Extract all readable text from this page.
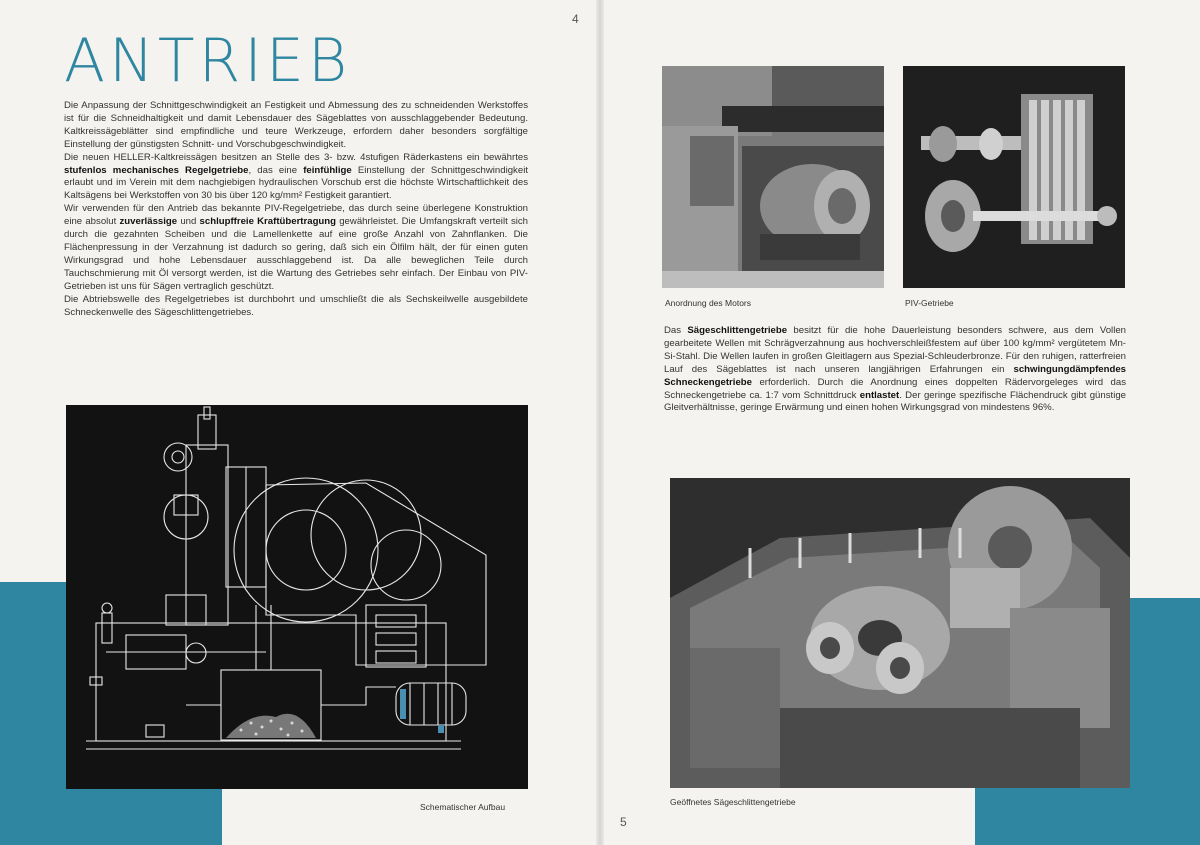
4
ANTRIEB

Die Anpassung der Schnittgeschwindigkeit an Festigkeit und Abmessung des zu schneidenden Werkstoffes ist für die Schneidhaltigkeit und damit Lebensdauer des Sägeblattes von ausschlaggebender Bedeutung. Kaltkreissägeblätter sind empfindliche und teure Werkzeuge, erfordern daher besonders sorgfältige Einstellung der günstigsten Schnitt- und Vorschubgeschwindigkeit.

Die neuen HELLER-Kaltkreissägen besitzen an Stelle des 3- bzw. 4stufigen Räderkastens ein bewährtes stufenlos mechanisches Regelgetriebe, das eine feinfühlige Einstellung der Schnittgeschwindigkeit erlaubt und im Verein mit dem nachgiebigen hydraulischen Vorschub erst die höchste Wirtschaftlichkeit des Kaltsägens bei Werkstoffen von 30 bis über 120 kg/mm² Festigkeit garantiert.

Wir verwenden für den Antrieb das bekannte PIV-Regelgetriebe, das durch seine überlegene Konstruktion eine absolut zuverlässige und schlupffreie Kraftübertragung gewährleistet. Die Umfangskraft verteilt sich durch die gezahnten Scheiben und die Lamellenkette auf eine große Anzahl von Zahnflanken. Die Flächenpressung in der Verzahnung ist dadurch so gering, daß sich ein Ölfilm hält, der für einen guten Wirkungsgrad und hohe Lebensdauer ausschlaggebend ist. Da alle beweglichen Teile durch Tauchschmierung mit Öl versorgt werden, ist die Wartung des Getriebes sehr einfach. Der Einbau von PIV-Getrieben ist uns für Sägen vertraglich geschützt.

Die Abtriebswelle des Regelgetriebes ist durchbohrt und umschließt die als Sechskeilwelle ausgebildete Schneckenwelle des Sägeschlittengetriebes.

Schematischer Aufbau
Anordnung des Motors	PIV-Getriebe

Das Sägeschlittengetriebe besitzt für die hohe Dauerleistung besonders schwere, aus dem Vollen gearbeitete Wellen mit Schrägverzahnung aus hochverschleißfestem auf über 100 kg/mm² vergütetem Mn-Si-Stahl. Die Wellen laufen in großen Gleitlagern aus Spezial-Schleuderbronze. Für den ruhigen, ratterfreien Lauf des Sägeblattes ist nach unseren langjährigen Erfahrungen ein schwingungdämpfendes Schneckengetriebe erforderlich. Durch die Anordnung eines doppelten Rädervorgeleges wird das Schneckengetriebe ca. 1:7 vom Schnittdruck entlastet. Der geringe spezifische Flächendruck gibt günstige Gleitverhältnisse, geringe Erwärmung und einen hohen Wirkungsgrad von mindestens 96%.

Geöffnetes Sägeschlittengetriebe
5
